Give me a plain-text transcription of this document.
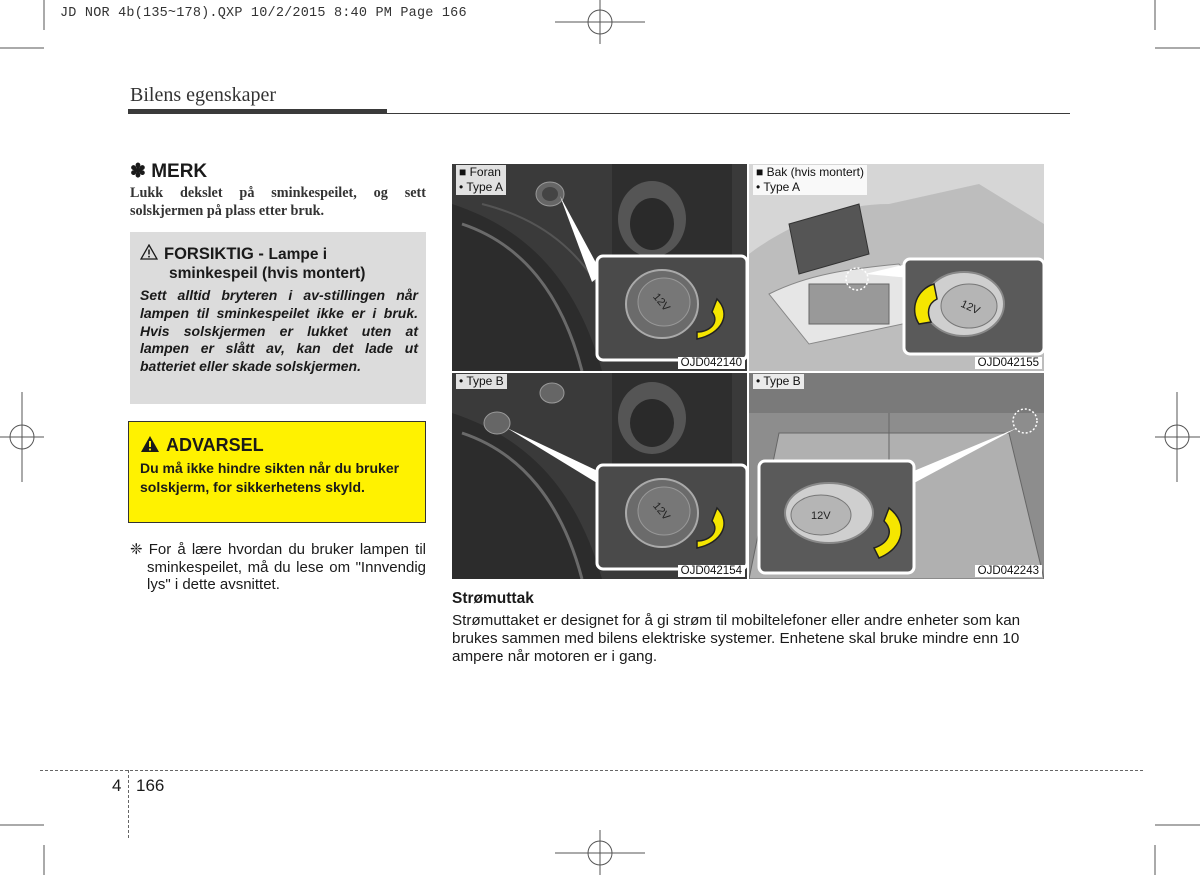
JD NOR 4b(135~178).QXP 10/2/2015 8:40 PM Page 166
Bilens egenskaper
✽ MERK
Lukk dekslet på sminkespeilet, og sett solskjermen på plass etter bruk.
FORSIKTIG - Lampe i
sminkespeil (hvis montert)
Sett alltid bryteren i av-stillingen når lampen til sminkespeilet ikke er i bruk. Hvis solskjermen er lukket uten at lampen er slått av, kan det lade ut batteriet eller skade solskjermen.
ADVARSEL
Du må ikke hindre sikten når du bruker solskjerm, for sikkerhetens skyld.
❈ For å lære hvordan du bruker lampen til sminkespeilet, må du lese om "Innvendig lys" i dette avsnittet.
12V
■ Foran
• Type A
OJD042140
12V
■ Bak (hvis montert)
• Type A
OJD042155
12V
• Type B
OJD042154
12V
• Type B
OJD042243
Strømuttak
Strømuttaket er designet for å gi strøm til mobiltelefoner eller andre enheter som kan brukes sammen med bilens elektriske systemer. Enhetene skal bruke mindre enn 10 ampere når motoren er i gang.
4 166
